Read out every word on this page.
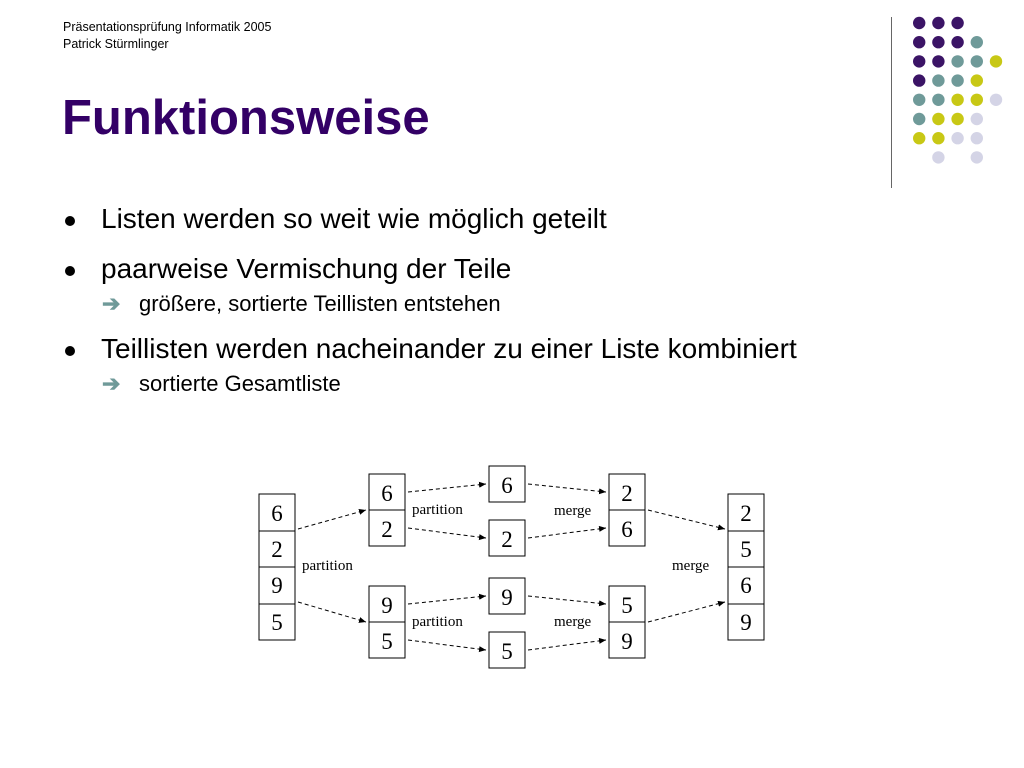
Präsentationsprüfung Informatik 2005
Patrick Stürmlinger
Funktionsweise
Listen werden so weit wie möglich geteilt
paarweise Vermischung der Teile
➔ größere, sortierte Teillisten entstehen
Teillisten werden nacheinander zu einer Liste kombiniert
➔ sortierte Gesamtliste
6
2
9
5
6
2
9
5
6
2
9
5
2
6
5
9
2
5
6
9
partition
partition
partition
merge
merge
merge
